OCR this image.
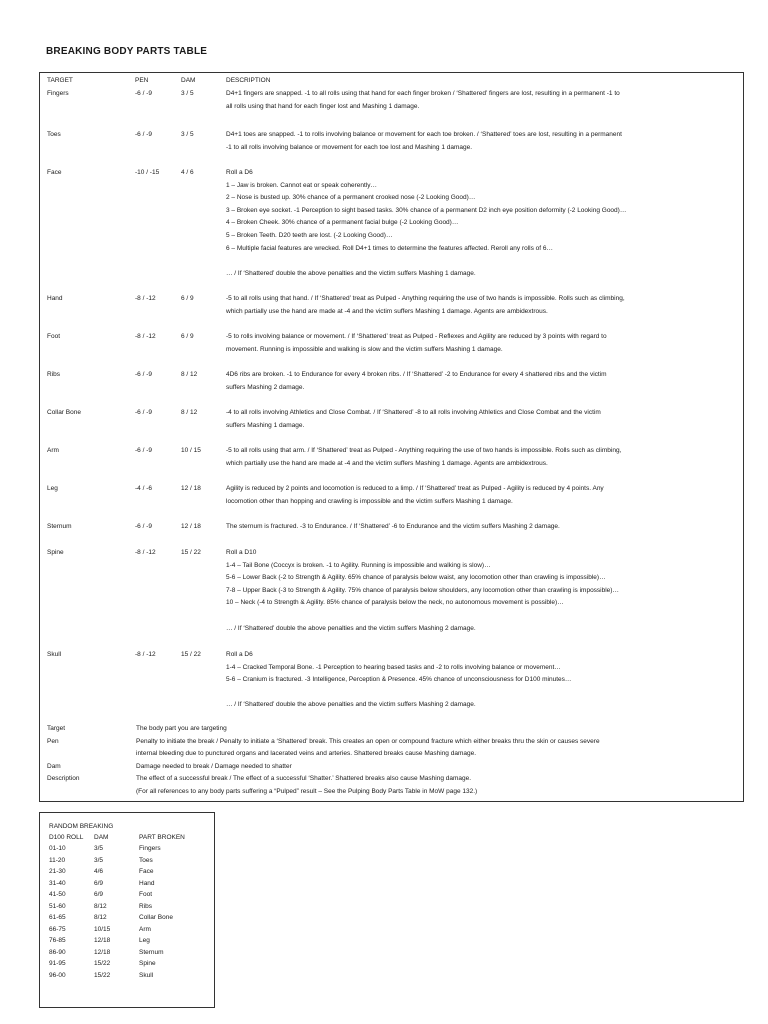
BREAKING BODY PARTS TABLE
TARGET	PEN	DAM	DESCRIPTION
Fingers	-6 / -9	3 / 5	D4+1 fingers are snapped. -1 to all rolls using that hand for each finger broken / ‘Shattered’ fingers are lost, resulting in a permanent -1 to
all rolls using that hand for each finger lost and Mashing 1 damage.
Toes	-6 / -9	3 / 5	D4+1 toes are snapped. -1 to rolls involving balance or movement for each toe broken. / ‘Shattered’ toes are lost, resulting in a permanent
-1 to all rolls involving balance or movement for each toe lost and Mashing 1 damage.
Face	-10 / -15	4 / 6	Roll a D6
1 – Jaw is broken. Cannot eat or speak coherently…
2 – Nose is busted up. 30% chance of a permanent crooked nose (-2 Looking Good)…
3 – Broken eye socket. -1 Perception to sight based tasks. 30% chance of a permanent D2 inch eye position deformity (-2 Looking Good)…
4 – Broken Cheek. 30% chance of a permanent facial bulge (-2 Looking Good)…
5 – Broken Teeth. D20 teeth are lost. (-2 Looking Good)…
6 – Multiple facial features are wrecked. Roll D4+1 times to determine the features affected. Reroll any rolls of 6…
… / If ‘Shattered’ double the above penalties and the victim suffers Mashing 1 damage.
Hand	-8 / -12	6 / 9	-5 to all rolls using that hand. / If ‘Shattered’ treat as Pulped - Anything requiring the use of two hands is impossible. Rolls such as climbing,
which partially use the hand are made at -4 and the victim suffers Mashing 1 damage. Agents are ambidextrous.
Foot	-8 / -12	6 / 9	-5 to rolls involving balance or movement. / If ‘Shattered’ treat as Pulped - Reflexes and Agility are reduced by 3 points with regard to
movement. Running is impossible and walking is slow and the victim suffers Mashing 1 damage.
Ribs	-6 / -9	8 / 12	4D6 ribs are broken. -1 to Endurance for every 4 broken ribs. / If ‘Shattered’ -2 to Endurance for every 4 shattered ribs and the victim
suffers Mashing 2 damage.
Collar Bone	-6 / -9	8 / 12	-4 to all rolls involving Athletics and Close Combat. / If ‘Shattered’ -8 to all rolls involving Athletics and Close Combat and the victim
suffers Mashing 1 damage.
Arm	-6 / -9	10 / 15	-5 to all rolls using that arm. / If ‘Shattered’ treat as Pulped - Anything requiring the use of two hands is impossible. Rolls such as climbing,
which partially use the hand are made at -4 and the victim suffers Mashing 1 damage. Agents are ambidextrous.
Leg	-4 / -6	12 / 18	Agility is reduced by 2 points and locomotion is reduced to a limp. / If ‘Shattered’ treat as Pulped - Agility is reduced by 4 points. Any
locomotion other than hopping and crawling is impossible and the victim suffers Mashing 1 damage.
Sternum	-6 / -9	12 / 18	The sternum is fractured. -3 to Endurance. / If ‘Shattered’ -6 to Endurance and the victim suffers Mashing 2 damage.
Spine	-8 / -12	15 / 22	Roll a D10
1-4 – Tail Bone (Coccyx is broken. -1 to Agility. Running is impossible and walking is slow)…
5-6 – Lower Back (-2 to Strength & Agility. 65% chance of paralysis below waist, any locomotion other than crawling is impossible)…
7-8 – Upper Back (-3 to Strength & Agility. 75% chance of paralysis below shoulders, any locomotion other than crawling is impossible)…
10 – Neck (-4 to Strength & Agility. 85% chance of paralysis below the neck, no autonomous movement is possible)…
… / If ‘Shattered’ double the above penalties and the victim suffers Mashing 2 damage.
Skull	-8 / -12	15 / 22	Roll a D6
1-4 – Cracked Temporal Bone. -1 Perception to hearing based tasks and -2 to rolls involving balance or movement…
5-6 – Cranium is fractured. -3 Intelligence, Perception & Presence. 45% chance of unconsciousness for D100 minutes…
… / If ‘Shattered’ double the above penalties and the victim suffers Mashing 2 damage.
Target	The body part you are targeting
Pen	Penalty to initiate the break / Penalty to initiate a ‘Shattered’ break. This creates an open or compound fracture which either breaks thru the skin or causes severe
internal bleeding due to punctured organs and lacerated veins and arteries. Shattered breaks cause Mashing damage.
Dam	Damage needed to break / Damage needed to shatter
Description	The effect of a successful break / The effect of a successful ‘Shatter.’ Shattered breaks also cause Mashing damage.
(For all references to any body parts suffering a “Pulped” result – See the Pulping Body Parts Table in MoW page 132.)
RANDOM BREAKING
D100 ROLL DAM	PART BROKEN
01-10	3/5	Fingers
11-20	3/5	Toes
21-30	4/6	Face
31-40	6/9	Hand
41-50	6/9	Foot
51-60	8/12	Ribs
61-65	8/12	Collar Bone
66-75	10/15	Arm
76-85	12/18	Leg
86-90	12/18	Sternum
91-95	15/22	Spine
96-00	15/22	Skull
